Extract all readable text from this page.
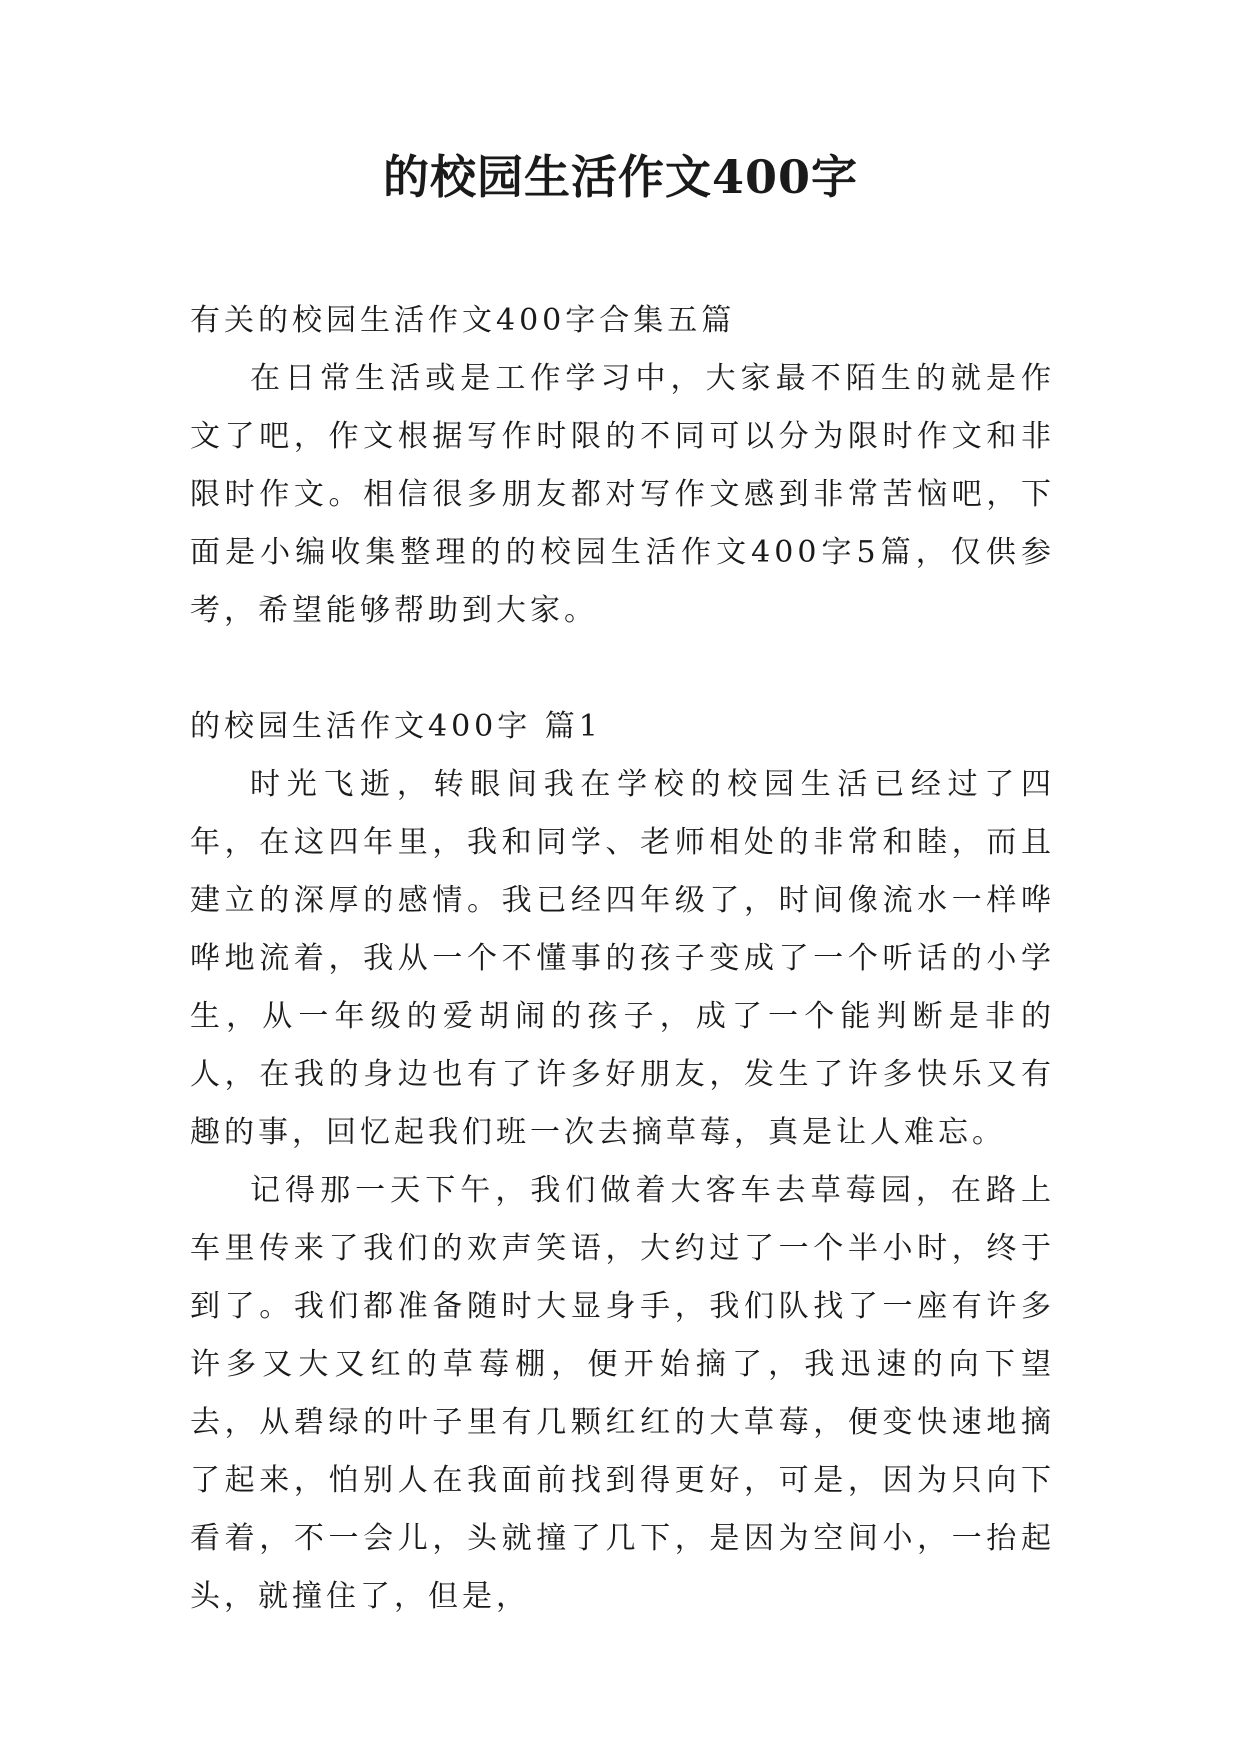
的校园生活作文400字

有关的校园生活作文400字合集五篇

在日常生活或是工作学习中，大家最不陌生的就是作文了吧，作文根据写作时限的不同可以分为限时作文和非限时作文。相信很多朋友都对写作文感到非常苦恼吧，下面是小编收集整理的的校园生活作文400字5篇，仅供参考，希望能够帮助到大家。

的校园生活作文400字 篇1

时光飞逝，转眼间我在学校的校园生活已经过了四年，在这四年里，我和同学、老师相处的非常和睦，而且建立的深厚的感情。我已经四年级了，时间像流水一样哗哗地流着，我从一个不懂事的孩子变成了一个听话的小学生，从一年级的爱胡闹的孩子，成了一个能判断是非的人，在我的身边也有了许多好朋友，发生了许多快乐又有趣的事，回忆起我们班一次去摘草莓，真是让人难忘。

记得那一天下午，我们做着大客车去草莓园，在路上车里传来了我们的欢声笑语，大约过了一个半小时，终于到了。我们都准备随时大显身手，我们队找了一座有许多许多又大又红的草莓棚，便开始摘了，我迅速的向下望去，从碧绿的叶子里有几颗红红的大草莓，便变快速地摘了起来，怕别人在我面前找到得更好，可是，因为只向下看着，不一会儿，头就撞了几下，是因为空间小，一抬起头，就撞住了，但是，
